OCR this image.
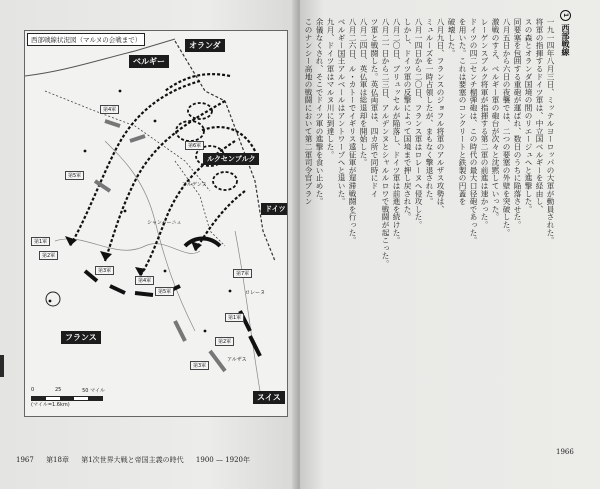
西部戦線状況図（マルヌの会戦まで）
オランダ
ベルギー
ルクセンブルク
ドイツ
フランス
スイス
第1軍
第2軍
第3軍
第4軍
第5軍
第6軍
第7軍
第1軍
第2軍
第3軍
第4軍
第5軍
アルザス
ロレーヌ
シャンパーニュ
アルデンヌ
0	25	50 マイル
(マイル=1.6km)
1967 第18章 第1次世界大戦と帝国主義の時代 1900 — 1920年
1 西部戦線
一九一四年八月三日、ミッテルヨーロッパの大軍が動員された。
将軍の指揮するドイツ軍は、中立国ベルギーを経由し、
スの森とオランダ国境の間のリエージュへと進撃した。
同要塞を包囲する重砲が運ばれ、数日のうちに陥落させた。
八月五日から六日の夜襲では、二つの要塞の外壁を突破した。
激戦のすえ、ベルギー軍の砲台が次々と沈黙していった。
レーゲンスブルク将軍が指揮する第二軍の前進は速かった。
ドイツの四二センチ榴弾砲は、この時代の最大口径砲であった。
を用いた。これは要塞のコンクリートと鉄製の円蓋を
破壊した。
八月九日、フランスのジョフル将軍のアルザス攻勢は、
ミュルーズを一時占領したが、まもなく撃退された。
八月一四日から二〇日、フランス軍はロレーヌへ侵攻した。
しかし、ドイツ軍の反撃によって国境まで押し戻された。
八月二〇日、ブリュッセルが陥落し、ドイツ軍は前進を続けた。
八月二一日から二三日、アルデンヌとシャルルロワで戦闘が起こった。
ツ軍と戦闘した。英仏両軍は、四カ所で同時にドイ
八月二四日、英仏軍は総退却を開始した。
八月二六日、ル・カトーでイギリス遠征軍が遅滞戦闘を行った。
ベルギー国王アルベールはアントワープへと退いた。
九月、ドイツ軍はマルヌ川に到達した。
余儀なくされ、そこでドイツ軍の進撃を食い止めた。
このナンシー高地の戦闘において第二軍司令官ブラン
1966
